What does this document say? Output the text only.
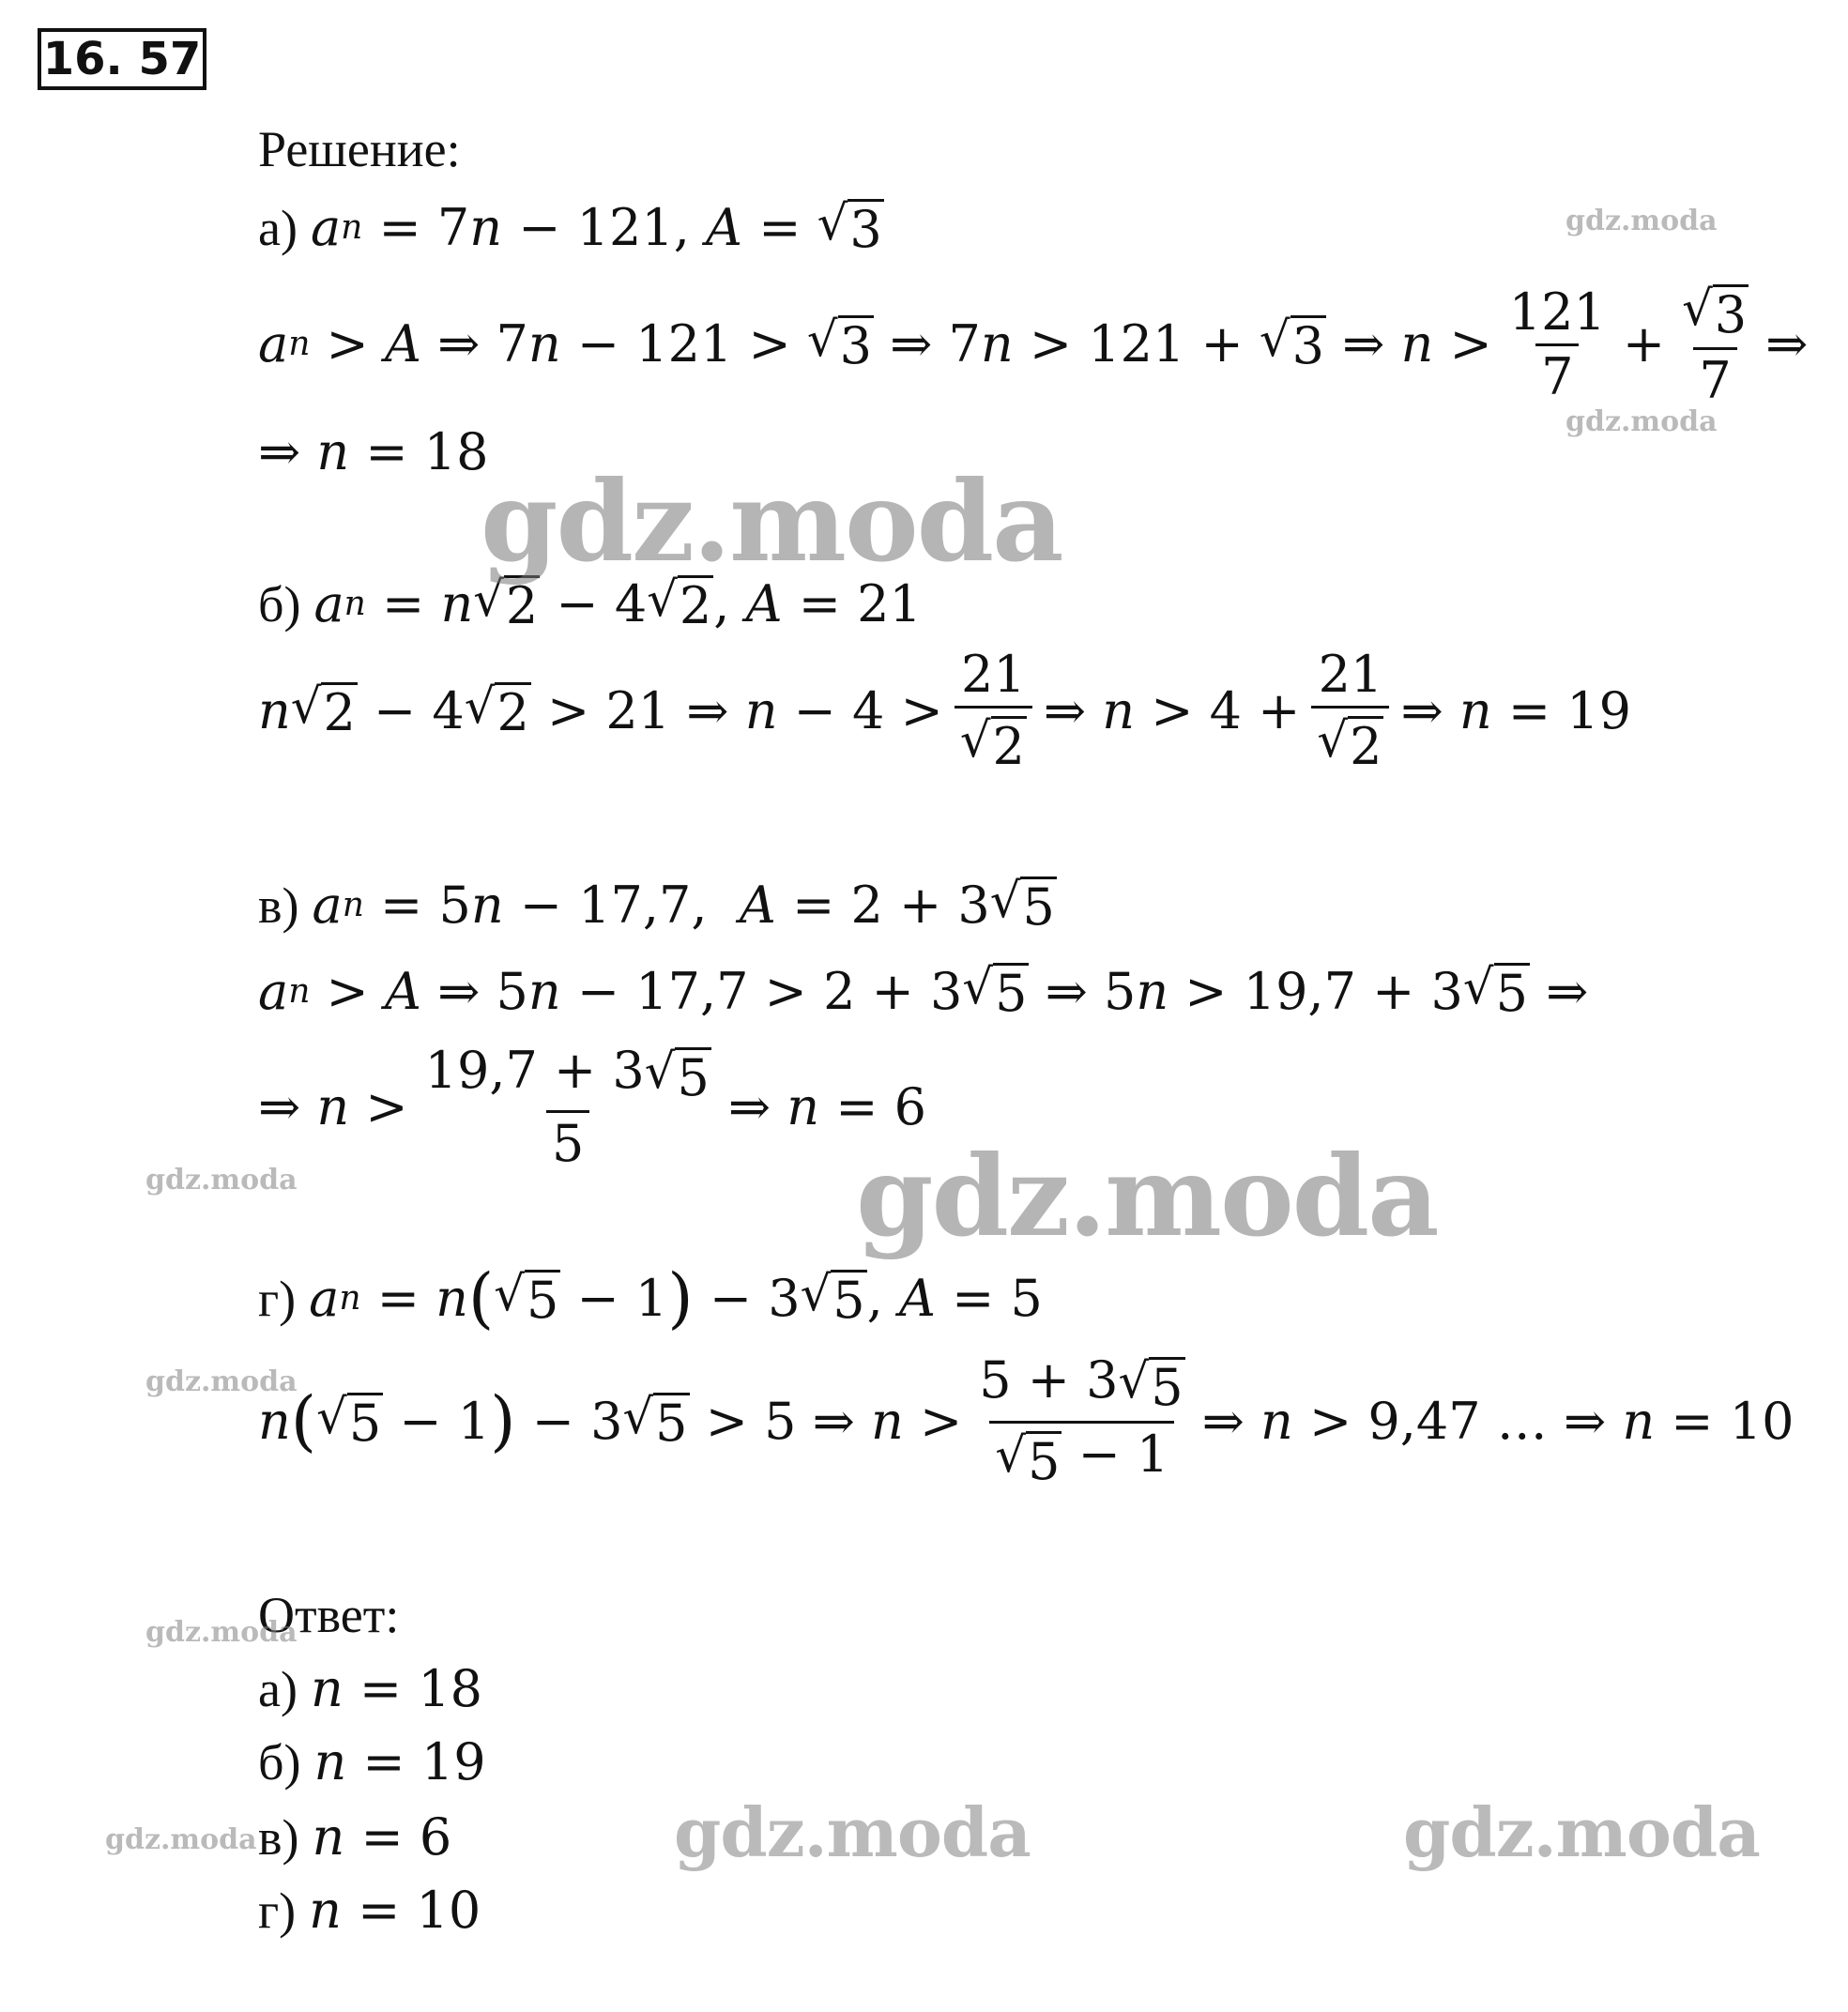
16. 57
Решение:
а) a n = 7 n − 121, A = √ 3
a n > A ⇒ 7 n − 121 > √ 3 ⇒ 7 n > 121 + √ 3 ⇒ $n > \frac{121}{7} + \frac{√ 3}{7}$ ⇒
⇒ n = 18
б) a n = n √ 2 − 4 √ 2 , A = 21
n √ 2 − 4 √ 2 > 21 ⇒ $n - 4 > \frac{21}{√ 2}$ ⇒ $n > 4 + \frac{21}{√ 2}$ ⇒ n = 19
в) a n = 5 n − 17,7, A = 2 + 3 √ 5
a n > A ⇒ 5 n − 17,7 > 2 + 3 √ 5 ⇒ 5 n > 19,7 + 3 √ 5 ⇒
⇒ $n > \frac{19,7 + 3 √ 5}{5}$ ⇒ n = 6
г) a n = n ( √ 5 − 1 ) − 3 √ 5 , A = 5
n ( √ 5 − 1 ) − 3 √ 5 > 5 ⇒ $n > \frac{5 + 3 √ 5}{√ 5 - 1}$ ⇒ n > 9,47 … ⇒ n = 10
Ответ:
а) n
= 18
б) n
= 19
в) n
= 6
г) n
= 10
gdz.moda
gdz.moda
gdz.moda
gdz.moda	gdz.moda
gdz.moda
gdz.moda
gdz.moda	gdz.moda	gdz.moda
